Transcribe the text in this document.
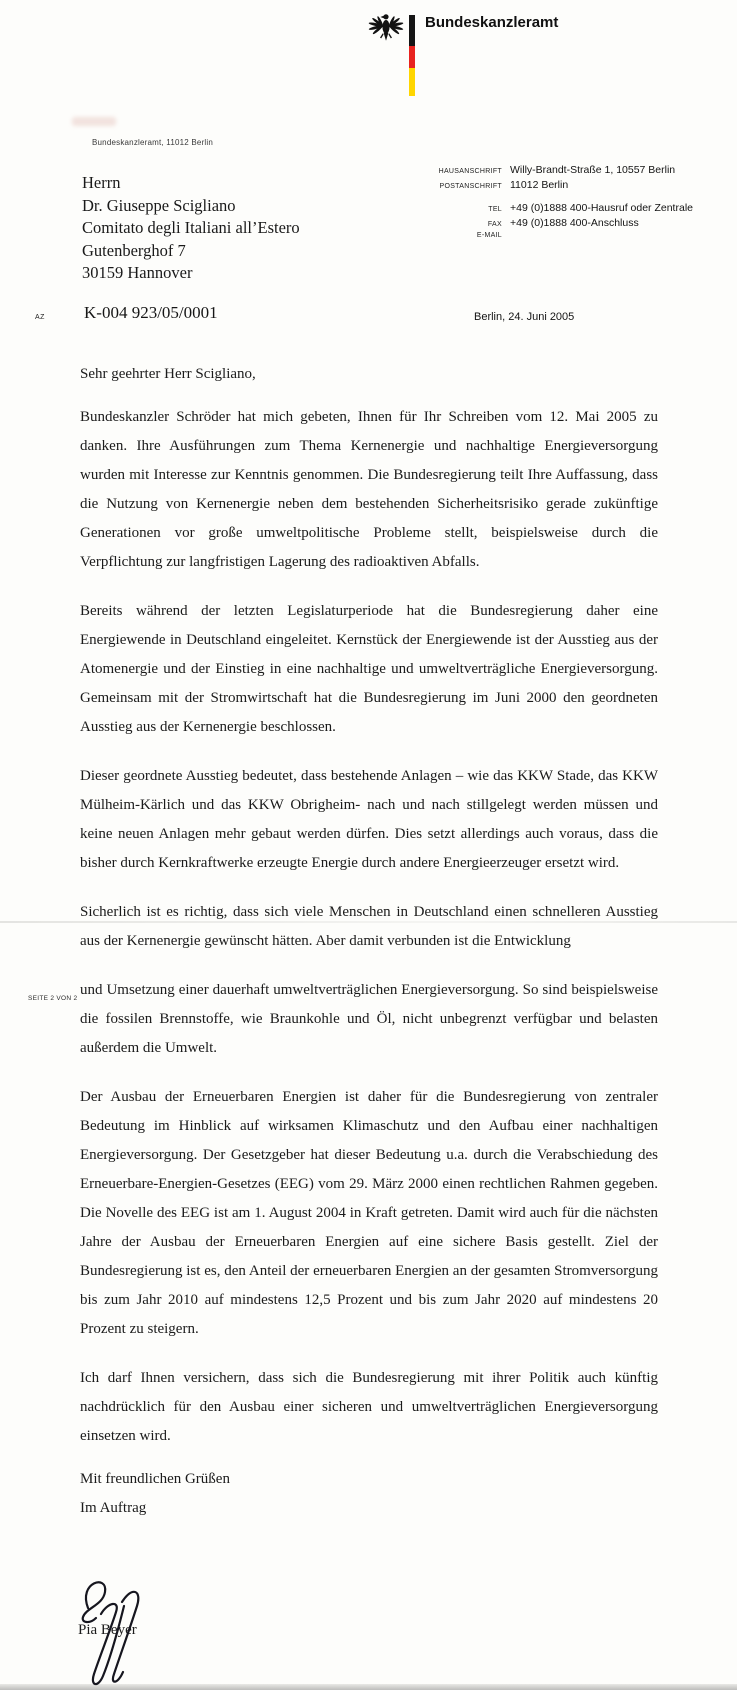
Bundeskanzleramt
Bundeskanzleramt, 11012 Berlin
Herrn
Dr. Giuseppe Scigliano
Comitato degli Italiani all’Estero
Gutenberghof 7
30159 Hannover
HAUSANSCHRIFT Willy-Brandt-Straße 1, 10557 Berlin
POSTANSCHRIFT 11012 Berlin
TEL +49 (0)1888 400-Hausruf oder Zentrale
FAX +49 (0)1888 400-Anschluss
E-MAIL
AZ K-004 923/05/0001	Berlin, 24. Juni 2005
Sehr geehrter Herr Scigliano,

Bundeskanzler Schröder hat mich gebeten, Ihnen für Ihr Schreiben vom 12. Mai 2005 zu danken. Ihre Ausführungen zum Thema Kernenergie und nachhaltige Energieversorgung wurden mit Interesse zur Kenntnis genommen. Die Bundesregierung teilt Ihre Auffassung, dass die Nutzung von Kernenergie neben dem bestehenden Sicherheitsrisiko gerade zukünftige Generationen vor große umweltpolitische Probleme stellt, beispielsweise durch die Verpflichtung zur langfristigen Lagerung des radioaktiven Abfalls.

Bereits während der letzten Legislaturperiode hat die Bundesregierung daher eine Energiewende in Deutschland eingeleitet. Kernstück der Energiewende ist der Ausstieg aus der Atomenergie und der Einstieg in eine nachhaltige und umweltverträgliche Energieversorgung. Gemeinsam mit der Stromwirtschaft hat die Bundesregierung im Juni 2000 den geordneten Ausstieg aus der Kernenergie beschlossen.

Dieser geordnete Ausstieg bedeutet, dass bestehende Anlagen – wie das KKW Stade, das KKW Mülheim-Kärlich und das KKW Obrigheim- nach und nach stillgelegt werden müssen und keine neuen Anlagen mehr gebaut werden dürfen. Dies setzt allerdings auch voraus, dass die bisher durch Kernkraftwerke erzeugte Energie durch andere Energieerzeuger ersetzt wird.

Sicherlich ist es richtig, dass sich viele Menschen in Deutschland einen schnelleren Ausstieg aus der Kernenergie gewünscht hätten. Aber damit verbunden ist die Entwicklung

SEITE 2 VON 2
und Umsetzung einer dauerhaft umweltverträglichen Energieversorgung. So sind beispielsweise die fossilen Brennstoffe, wie Braunkohle und Öl, nicht unbegrenzt verfügbar und belasten außerdem die Umwelt.

Der Ausbau der Erneuerbaren Energien ist daher für die Bundesregierung von zentraler Bedeutung im Hinblick auf wirksamen Klimaschutz und den Aufbau einer nachhaltigen Energieversorgung. Der Gesetzgeber hat dieser Bedeutung u.a. durch die Verabschiedung des Erneuerbare-Energien-Gesetzes (EEG) vom 29. März 2000 einen rechtlichen Rahmen gegeben. Die Novelle des EEG ist am 1. August 2004 in Kraft getreten. Damit wird auch für die nächsten Jahre der Ausbau der Erneuerbaren Energien auf eine sichere Basis gestellt. Ziel der Bundesregierung ist es, den Anteil der erneuerbaren Energien an der gesamten Stromversorgung bis zum Jahr 2010 auf mindestens 12,5 Prozent und bis zum Jahr 2020 auf mindestens 20 Prozent zu steigern.

Ich darf Ihnen versichern, dass sich die Bundesregierung mit ihrer Politik auch künftig nachdrücklich für den Ausbau einer sicheren und umweltverträglichen Energieversorgung einsetzen wird.

Mit freundlichen Grüßen
Im Auftrag
Pia Beyer
